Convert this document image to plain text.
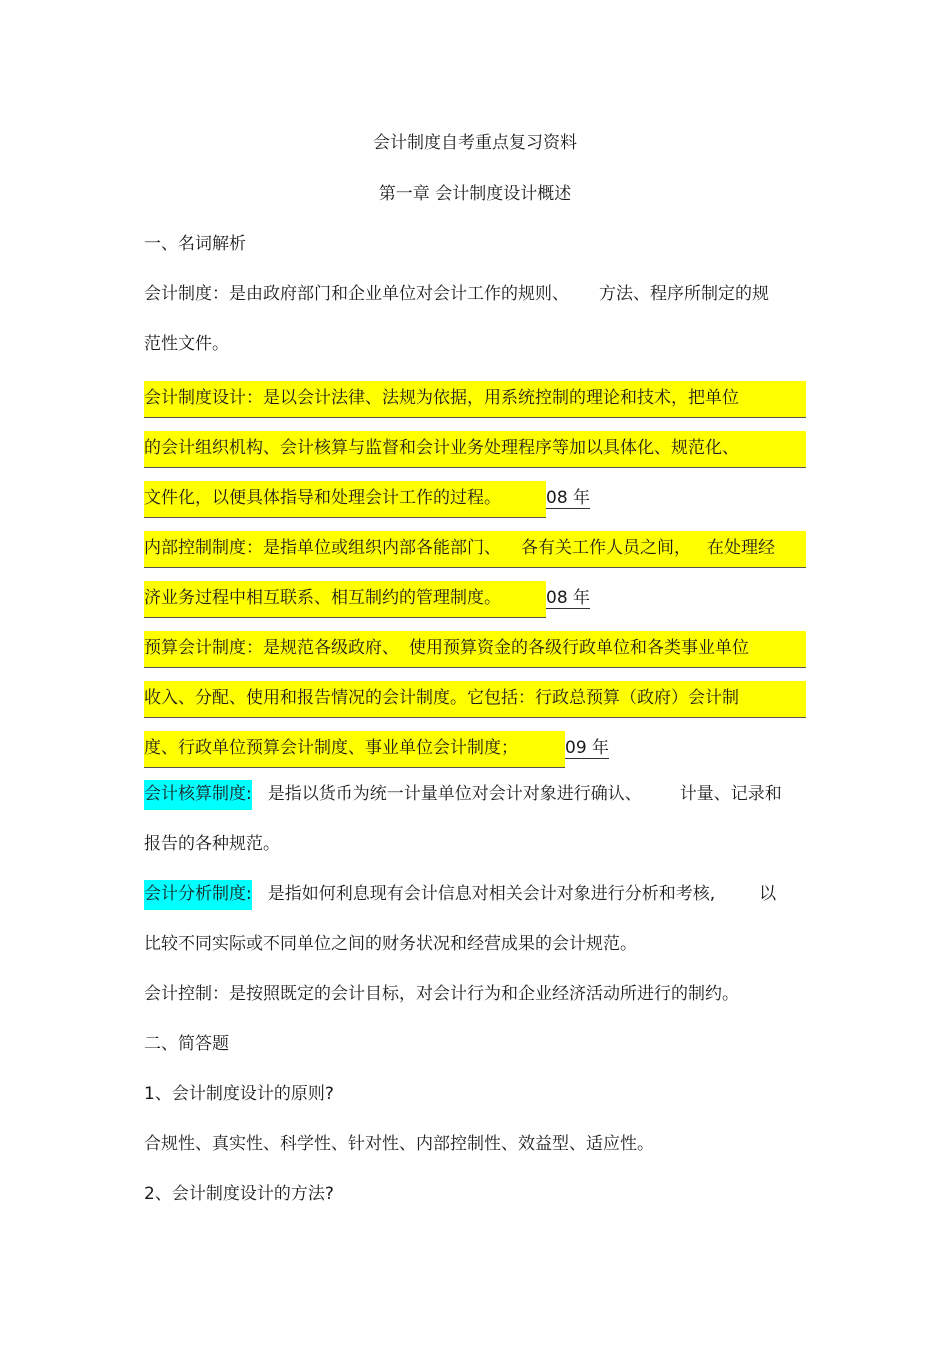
会计制度自考重点复习资料
第一章 会计制度设计概述
一、名词解析
会计制度：是由政府部门和企业单位对会计工作的规则、 方法、程序所制定的规
范性文件。
会计制度设计：是以会计法律、法规为依据，用系统控制的理论和技术，把单位
的会计组织机构、会计核算与监督和会计业务处理程序等加以具体化、规范化、
文件化，以便具体指导和处理会计工作的过程。	08 年
内部控制制度：是指单位或组织内部各能部门、 各有关工作人员之间， 在处理经
济业务过程中相互联系、相互制约的管理制度。	08 年
预算会计制度：是规范各级政府、 使用预算资金的各级行政单位和各类事业单位
收入、分配、使用和报告情况的会计制度。它包括：行政总预算（政府）会计制
度、行政单位预算会计制度、事业单位会计制度；	09 年
会计核算制度: 是指以货币为统一计量单位对会计对象进行确认、 计量、记录和
报告的各种规范。
会计分析制度: 是指如何利息现有会计信息对相关会计对象进行分析和考核,	以
比较不同实际或不同单位之间的财务状况和经营成果的会计规范。
会计控制：是按照既定的会计目标，对会计行为和企业经济活动所进行的制约。
二、简答题
1、会计制度设计的原则?
合规性、真实性、科学性、针对性、内部控制性、效益型、适应性。
2、会计制度设计的方法?
